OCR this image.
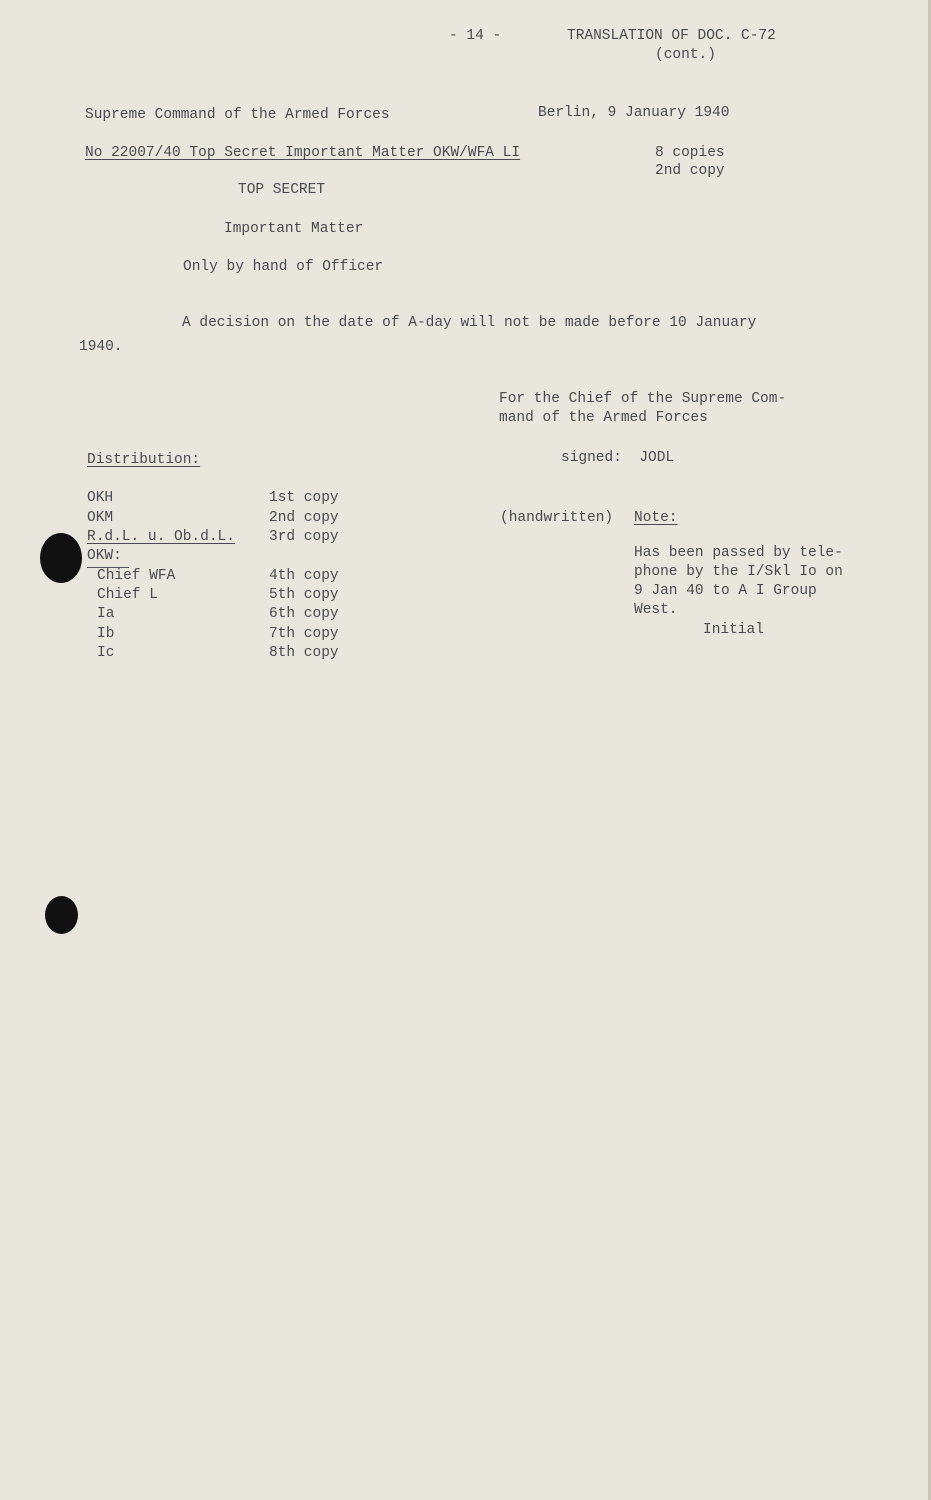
- 14 -	TRANSLATION OF DOC. C-72
(cont.)
Supreme Command of the Armed Forces	Berlin, 9 January 1940
No 22007/40 Top Secret Important Matter OKW/WFA LI	8 copies
2nd copy
TOP SECRET
Important Matter
Only by hand of Officer
A decision on the date of A-day will not be made before 10 January
1940.
For the Chief of the Supreme Com-
mand of the Armed Forces
signed:  JODL
Distribution:
OKH	1st copy
OKM	2nd copy
R.d.L. u. Ob.d.L. 3rd copy
OKW:
Chief WFA	4th copy
Chief L	5th copy
Ia	6th copy
Ib	7th copy
Ic	8th copy
(handwritten) Note:
Has been passed by tele-
phone by the I/Skl Io on
9 Jan 40 to A I Group
West.
Initial
